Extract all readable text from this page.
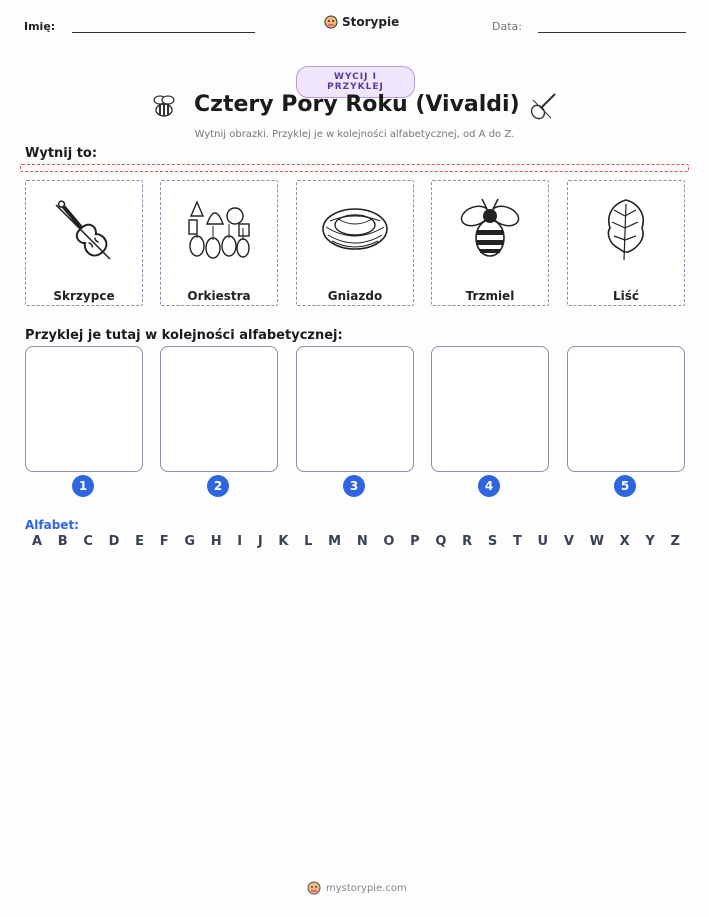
Imię:	Storypie	Data:
WYCIJ I PRZYKLEJ
Cztery Pory Roku (Vivaldi)
Wytnij obrazki. Przyklej je w kolejności alfabetycznej, od A do Z.
Wytnij to:
Skrzypce	Orkiestra	Gniazdo	Trzmiel	Liść
Przyklej je tutaj w kolejności alfabetycznej:
1	2	3	4	5
Alfabet:
A B C D E F G H I J K L M N O P Q R S T U V W X Y Z
mystorypie.com
